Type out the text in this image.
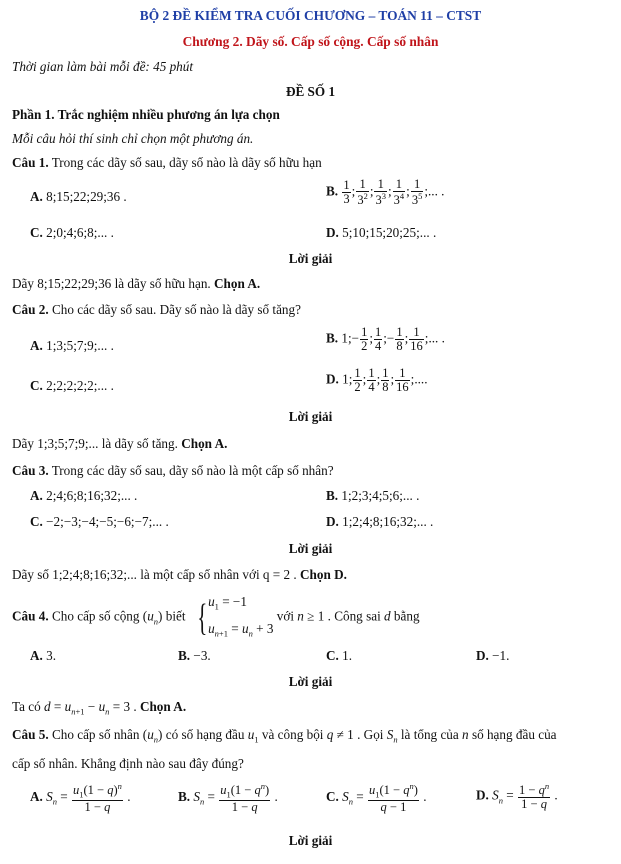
BỘ 2 ĐỀ KIỂM TRA CUỐI CHƯƠNG – TOÁN 11 – CTST
Chương 2. Dãy số. Cấp số cộng. Cấp số nhân
Thời gian làm bài mỗi đề: 45 phút
ĐỀ SỐ 1
Phần 1. Trắc nghiệm nhiều phương án lựa chọn
Mỗi câu hỏi thí sinh chỉ chọn một phương án.
Câu 1. Trong các dãy số sau, dãy số nào là dãy số hữu hạn
A. 8;15;22;29;36 .	B. $\frac{1}{3}$ ; $\frac{1}{3^2}$ ; $\frac{1}{3^3}$ ; $\frac{1}{3^4}$ ; $\frac{1}{3^5}$ ;... .
C. 2;0;4;6;8;... .	D. 5;10;15;20;25;... .
Lời giải
Dãy 8;15;22;29;36 là dãy số hữu hạn. Chọn A.
Câu 2. Cho các dãy số sau. Dãy số nào là dãy số tăng?
A. 1;3;5;7;9;... .	B. 1;− $\frac{1}{2}$ ; $\frac{1}{4}$ ;− $\frac{1}{8}$ ; $\frac{1}{16}$ ;... .
C. 2;2;2;2;2;... .	D. 1; $\frac{1}{2}$ ; $\frac{1}{4}$ ; $\frac{1}{8}$ ; $\frac{1}{16}$ ;....
Lời giải
Dãy 1;3;5;7;9;... là dãy số tăng. Chọn A.
Câu 3. Trong các dãy số sau, dãy số nào là một cấp số nhân?
A. 2;4;6;8;16;32;... .	B. 1;2;3;4;5;6;... .
C. −2;−3;−4;−5;−6;−7;... .	D. 1;2;4;8;16;32;... .
Lời giải
Dãy số 1;2;4;8;16;32;... là một cấp số nhân với q = 2 . Chọn D.
Câu 4. Cho cấp số cộng $(u_n)$ biết { $u_1 = -1$
$u_{n+1} = u_n + 3$
với n ≥ 1 . Công sai d bằng
A. 3.	B. −3.	C. 1.	D. −1.
Lời giải
Ta có $d = u_{n+1} - u_n = 3$ . Chọn A.
Câu 5. Cho cấp số nhân $(u_n)$ có số hạng đầu $u_1$ và công bội q ≠ 1 . Gọi $S_n$ là tổng của n số hạng đầu của
cấp số nhân. Khẳng định nào sau đây đúng?
A. $S_n = \frac{u_1(1 - q)^n}{1 - q}$ .	B. $S_n = \frac{u_1(1 - q^n)}{1 - q}$ .	C. $S_n = \frac{u_1(1 - q^n)}{q - 1}$ .	D. $S_n = \frac{1 - q^n}{1 - q}$ .
Lời giải
